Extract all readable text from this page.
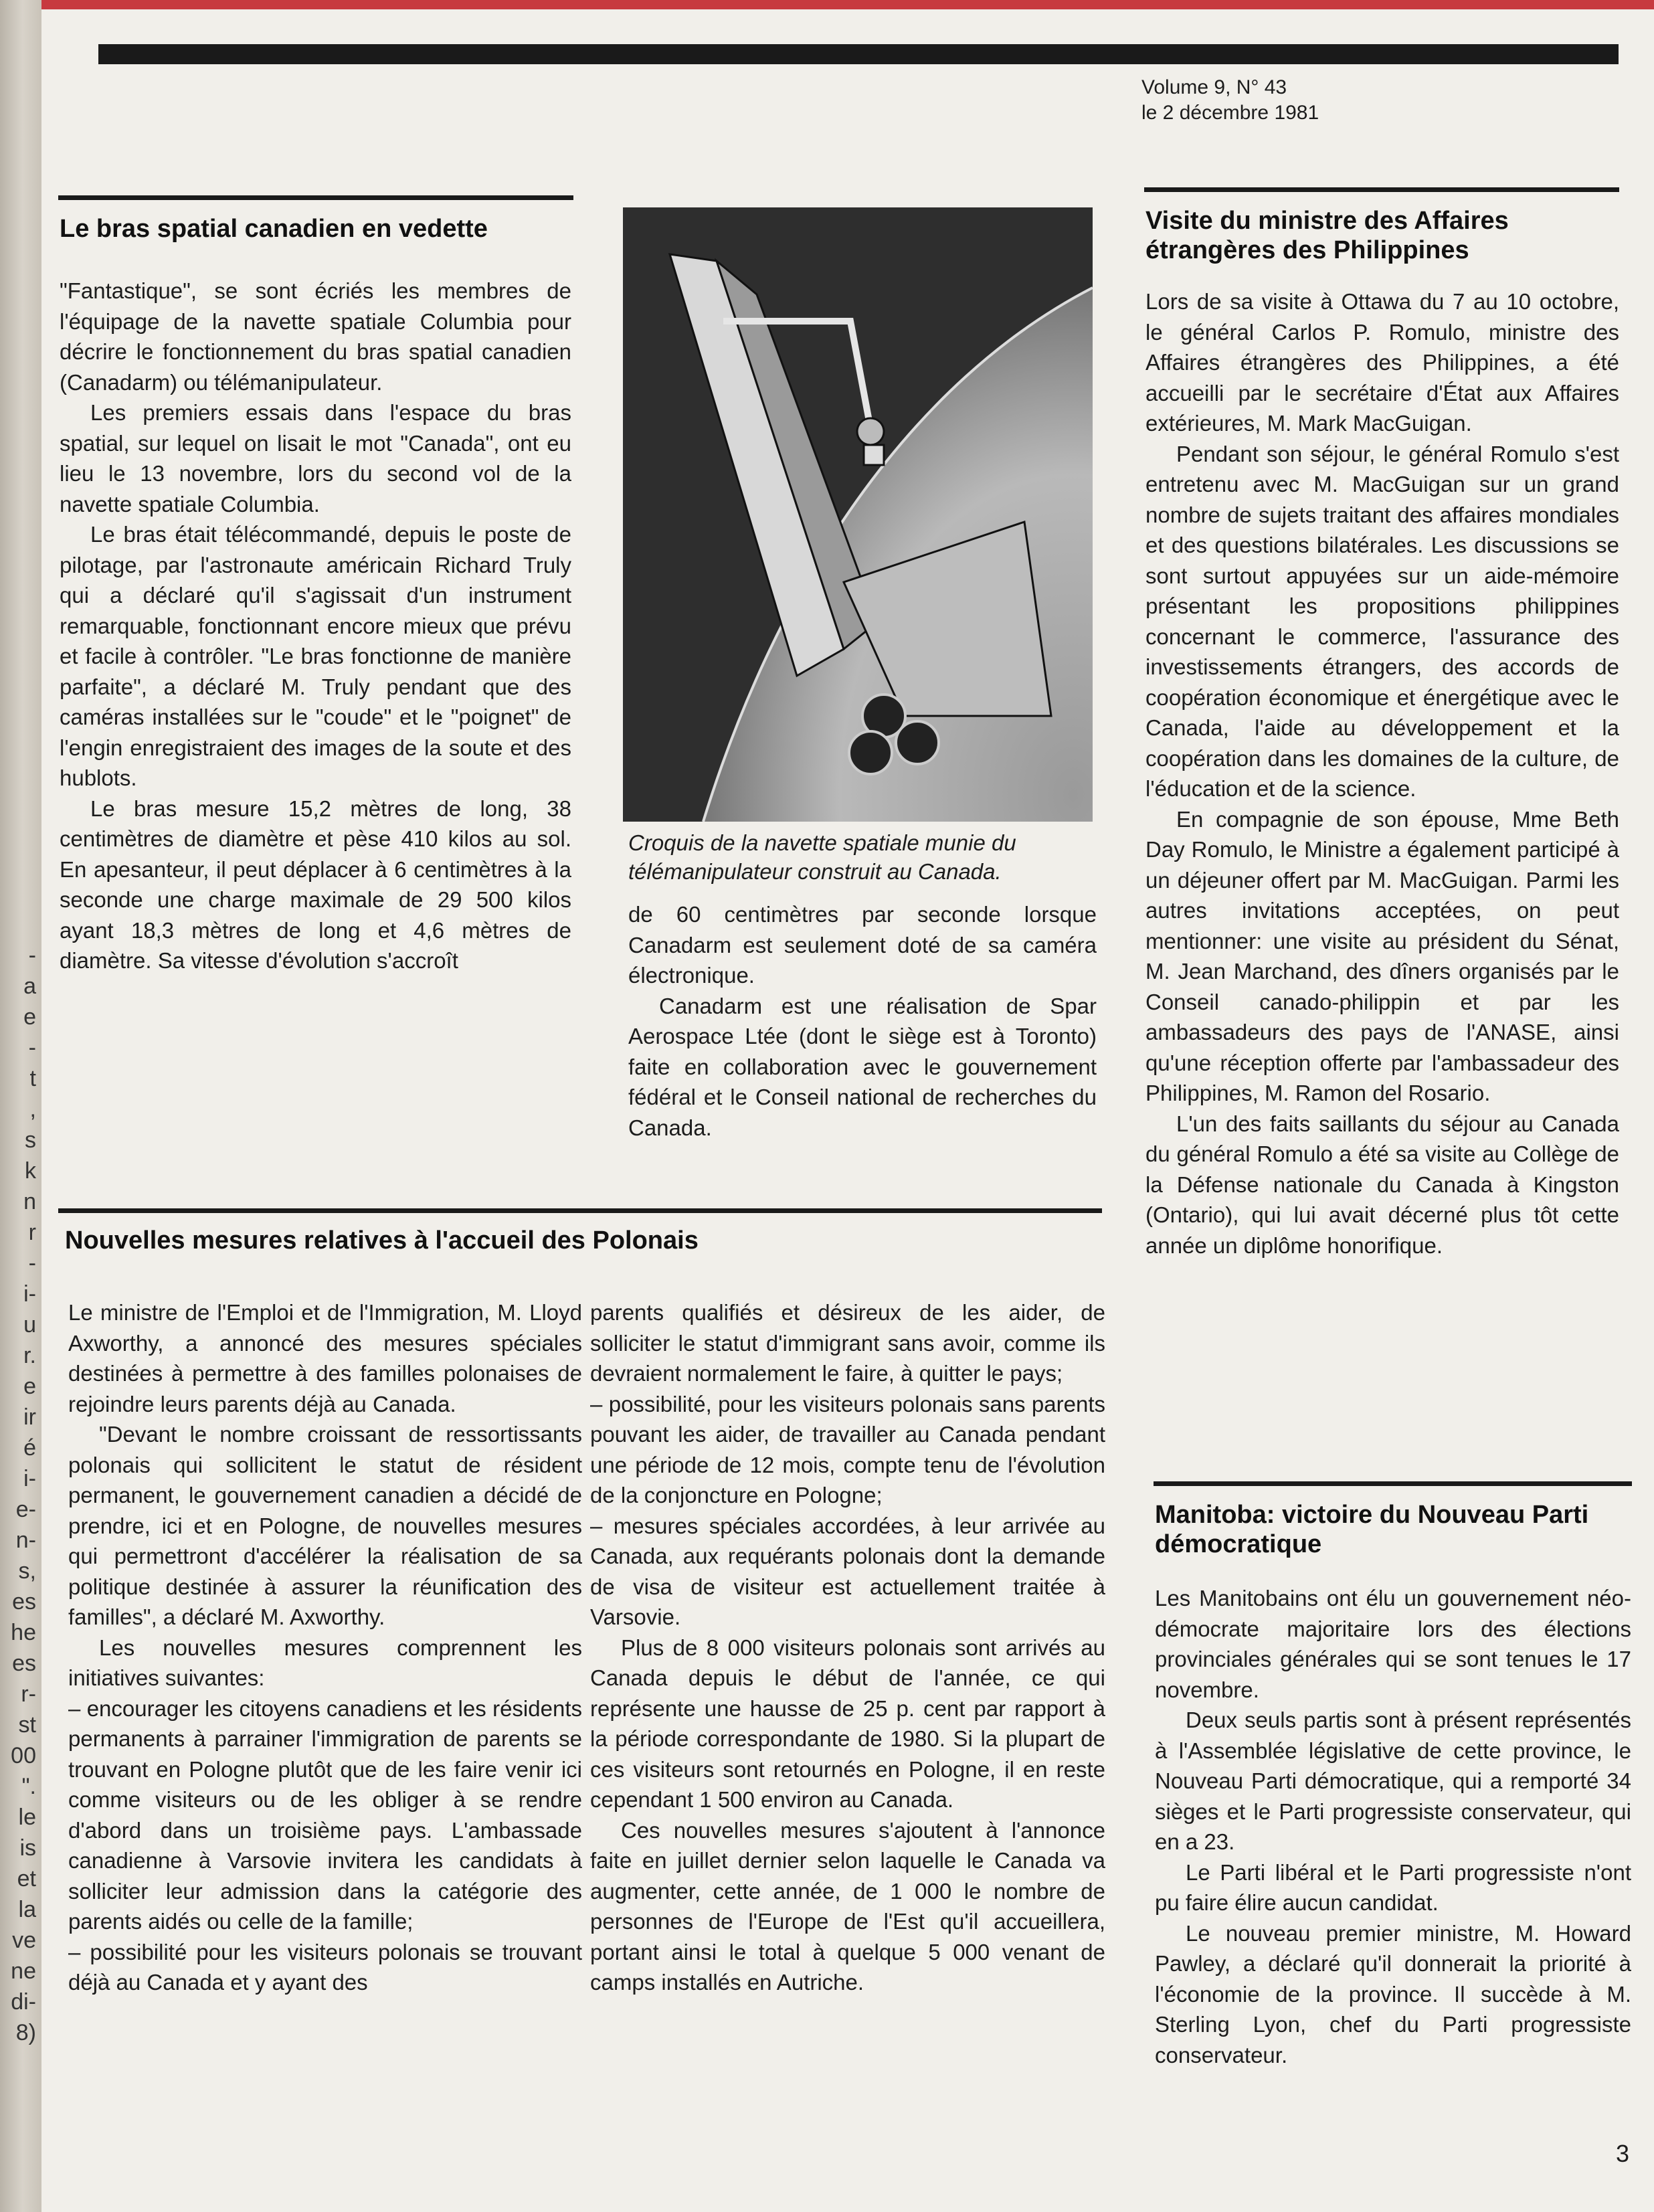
-
a
e
-
t
,
s
k
n
r
-
i-
u
r.
e
ir
é
i-
e-
n-
s,
es
he
es
r-
st
00
".
le
is
et
la
ve
ne
di-
8)
Volume 9, N° 43
le 2 décembre 1981
Le bras spatial canadien en vedette

"Fantastique", se sont écriés les membres de l'équipage de la navette spatiale Columbia pour décrire le fonctionnement du bras spatial canadien (Canadarm) ou télémanipulateur.

Les premiers essais dans l'espace du bras spatial, sur lequel on lisait le mot "Canada", ont eu lieu le 13 novembre, lors du second vol de la navette spatiale Columbia.

Le bras était télécommandé, depuis le poste de pilotage, par l'astronaute américain Richard Truly qui a déclaré qu'il s'agissait d'un instrument remarquable, fonctionnant encore mieux que prévu et facile à contrôler. "Le bras fonctionne de manière parfaite", a déclaré M. Truly pendant que des caméras installées sur le "coude" et le "poignet" de l'engin enregistraient des images de la soute et des hublots.

Le bras mesure 15,2 mètres de long, 38 centimètres de diamètre et pèse 410 kilos au sol. En apesanteur, il peut déplacer à 6 centimètres à la seconde une charge maximale de 29 500 kilos ayant 18,3 mètres de long et 4,6 mètres de diamètre. Sa vitesse d'évolution s'accroît

Croquis de la navette spatiale munie du télémanipulateur construit au Canada.

de 60 centimètres par seconde lorsque Canadarm est seulement doté de sa caméra électronique.

Canadarm est une réalisation de Spar Aerospace Ltée (dont le siège est à Toronto) faite en collaboration avec le gouvernement fédéral et le Conseil national de recherches du Canada.

Visite du ministre des Affaires étrangères des Philippines

Lors de sa visite à Ottawa du 7 au 10 octobre, le général Carlos P. Romulo, ministre des Affaires étrangères des Philippines, a été accueilli par le secrétaire d'État aux Affaires extérieures, M. Mark MacGuigan.

Pendant son séjour, le général Romulo s'est entretenu avec M. MacGuigan sur un grand nombre de sujets traitant des affaires mondiales et des questions bilatérales. Les discussions se sont surtout appuyées sur un aide-mémoire présentant les propositions philippines concernant le commerce, l'assurance des investissements étrangers, des accords de coopération économique et énergétique avec le Canada, l'aide au développement et la coopération dans les domaines de la culture, de l'éducation et de la science.

En compagnie de son épouse, Mme Beth Day Romulo, le Ministre a également participé à un déjeuner offert par M. MacGuigan. Parmi les autres invitations acceptées, on peut mentionner: une visite au président du Sénat, M. Jean Marchand, des dîners organisés par le Conseil canado-philippin et par les ambassadeurs des pays de l'ANASE, ainsi qu'une réception offerte par l'ambassadeur des Philippines, M. Ramon del Rosario.

L'un des faits saillants du séjour au Canada du général Romulo a été sa visite au Collège de la Défense nationale du Canada à Kingston (Ontario), qui lui avait décerné plus tôt cette année un diplôme honorifique.

Nouvelles mesures relatives à l'accueil des Polonais

Le ministre de l'Emploi et de l'Immigration, M. Lloyd Axworthy, a annoncé des mesures spéciales destinées à permettre à des familles polonaises de rejoindre leurs parents déjà au Canada.

"Devant le nombre croissant de ressortissants polonais qui sollicitent le statut de résident permanent, le gouvernement canadien a décidé de prendre, ici et en Pologne, de nouvelles mesures qui permettront d'accélérer la réalisation de sa politique destinée à assurer la réunification des familles", a déclaré M. Axworthy.

Les nouvelles mesures comprennent les initiatives suivantes:

– encourager les citoyens canadiens et les résidents permanents à parrainer l'immigration de parents se trouvant en Pologne plutôt que de les faire venir ici comme visiteurs ou de les obliger à se rendre d'abord dans un troisième pays. L'ambassade canadienne à Varsovie invitera les candidats à solliciter leur admission dans la catégorie des parents aidés ou celle de la famille;

– possibilité pour les visiteurs polonais se trouvant déjà au Canada et y ayant des

parents qualifiés et désireux de les aider, de solliciter le statut d'immigrant sans avoir, comme ils devraient normalement le faire, à quitter le pays;

– possibilité, pour les visiteurs polonais sans parents pouvant les aider, de travailler au Canada pendant une période de 12 mois, compte tenu de l'évolution de la conjoncture en Pologne;

– mesures spéciales accordées, à leur arrivée au Canada, aux requérants polonais dont la demande de visa de visiteur est actuellement traitée à Varsovie.

Plus de 8 000 visiteurs polonais sont arrivés au Canada depuis le début de l'année, ce qui représente une hausse de 25 p. cent par rapport à la période correspondante de 1980. Si la plupart de ces visiteurs sont retournés en Pologne, il en reste cependant 1 500 environ au Canada.

Ces nouvelles mesures s'ajoutent à l'annonce faite en juillet dernier selon laquelle le Canada va augmenter, cette année, de 1 000 le nombre de personnes de l'Europe de l'Est qu'il accueillera, portant ainsi le total à quelque 5 000 venant de camps installés en Autriche.

Manitoba: victoire du Nouveau Parti démocratique

Les Manitobains ont élu un gouvernement néo-démocrate majoritaire lors des élections provinciales générales qui se sont tenues le 17 novembre.

Deux seuls partis sont à présent représentés à l'Assemblée législative de cette province, le Nouveau Parti démocratique, qui a remporté 34 sièges et le Parti progressiste conservateur, qui en a 23.

Le Parti libéral et le Parti progressiste n'ont pu faire élire aucun candidat.

Le nouveau premier ministre, M. Howard Pawley, a déclaré qu'il donnerait la priorité à l'économie de la province. Il succède à M. Sterling Lyon, chef du Parti progressiste conservateur.

3
